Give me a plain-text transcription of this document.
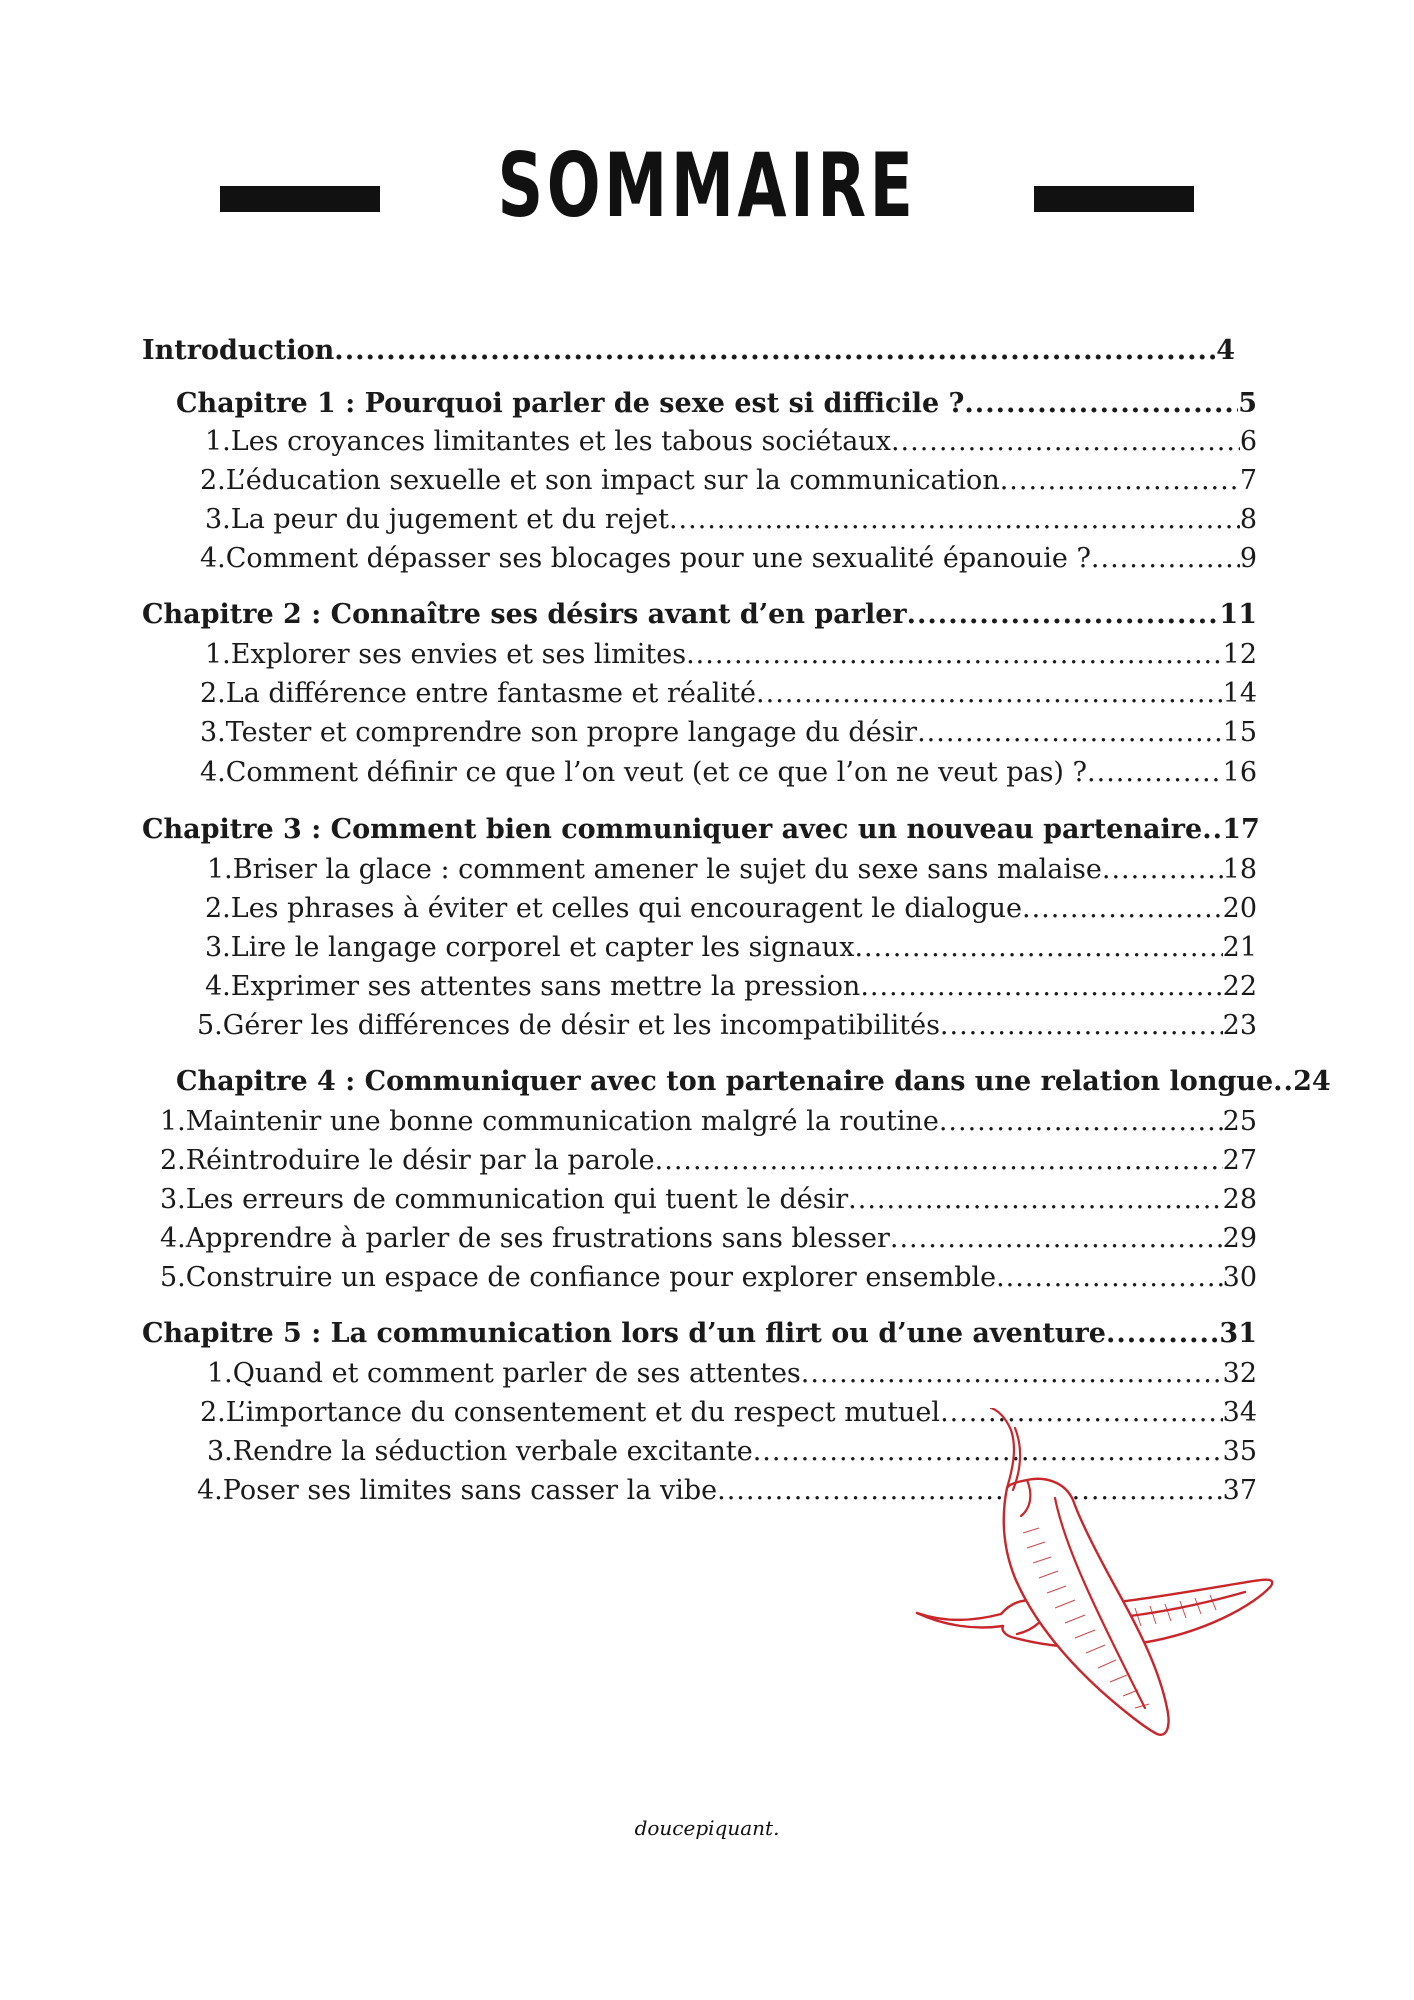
SOMMAIRE
Introduction .....	4
Chapitre 1 : Pourquoi parler de sexe est si difficile ? .....	5
1.Les croyances limitantes et les tabous sociétaux .....	6
2.L’éducation sexuelle et son impact sur la communication .....	7
3.La peur du jugement et du rejet .....	8
4.Comment dépasser ses blocages pour une sexualité épanouie ? .....	9
Chapitre 2 : Connaître ses désirs avant d’en parler .....	11
1.Explorer ses envies et ses limites .....	12
2.La différence entre fantasme et réalité .....	14
3.Tester et comprendre son propre langage du désir .....	15
4.Comment définir ce que l’on veut (et ce que l’on ne veut pas) ? .....	16
Chapitre 3 : Comment bien communiquer avec un nouveau partenaire ..... 17
1.Briser la glace : comment amener le sujet du sexe sans malaise .....	18
2.Les phrases à éviter et celles qui encouragent le dialogue .....	20
3.Lire le langage corporel et capter les signaux .....	21
4.Exprimer ses attentes sans mettre la pression .....	22
5.Gérer les différences de désir et les incompatibilités .....	23
Chapitre 4 : Communiquer avec ton partenaire dans une relation longue ..... 24
1.Maintenir une bonne communication malgré la routine .....	25
2.Réintroduire le désir par la parole .....	27
3.Les erreurs de communication qui tuent le désir .....	28
4.Apprendre à parler de ses frustrations sans blesser .....	29
5.Construire un espace de confiance pour explorer ensemble .....	30
Chapitre 5 : La communication lors d’un flirt ou d’une aventure .....	31
1.Quand et comment parler de ses attentes .....	32
2.L’importance du consentement et du respect mutuel .....	34
3.Rendre la séduction verbale excitante .....	35
4.Poser ses limites sans casser la vibe .....	37
doucepiquant.
